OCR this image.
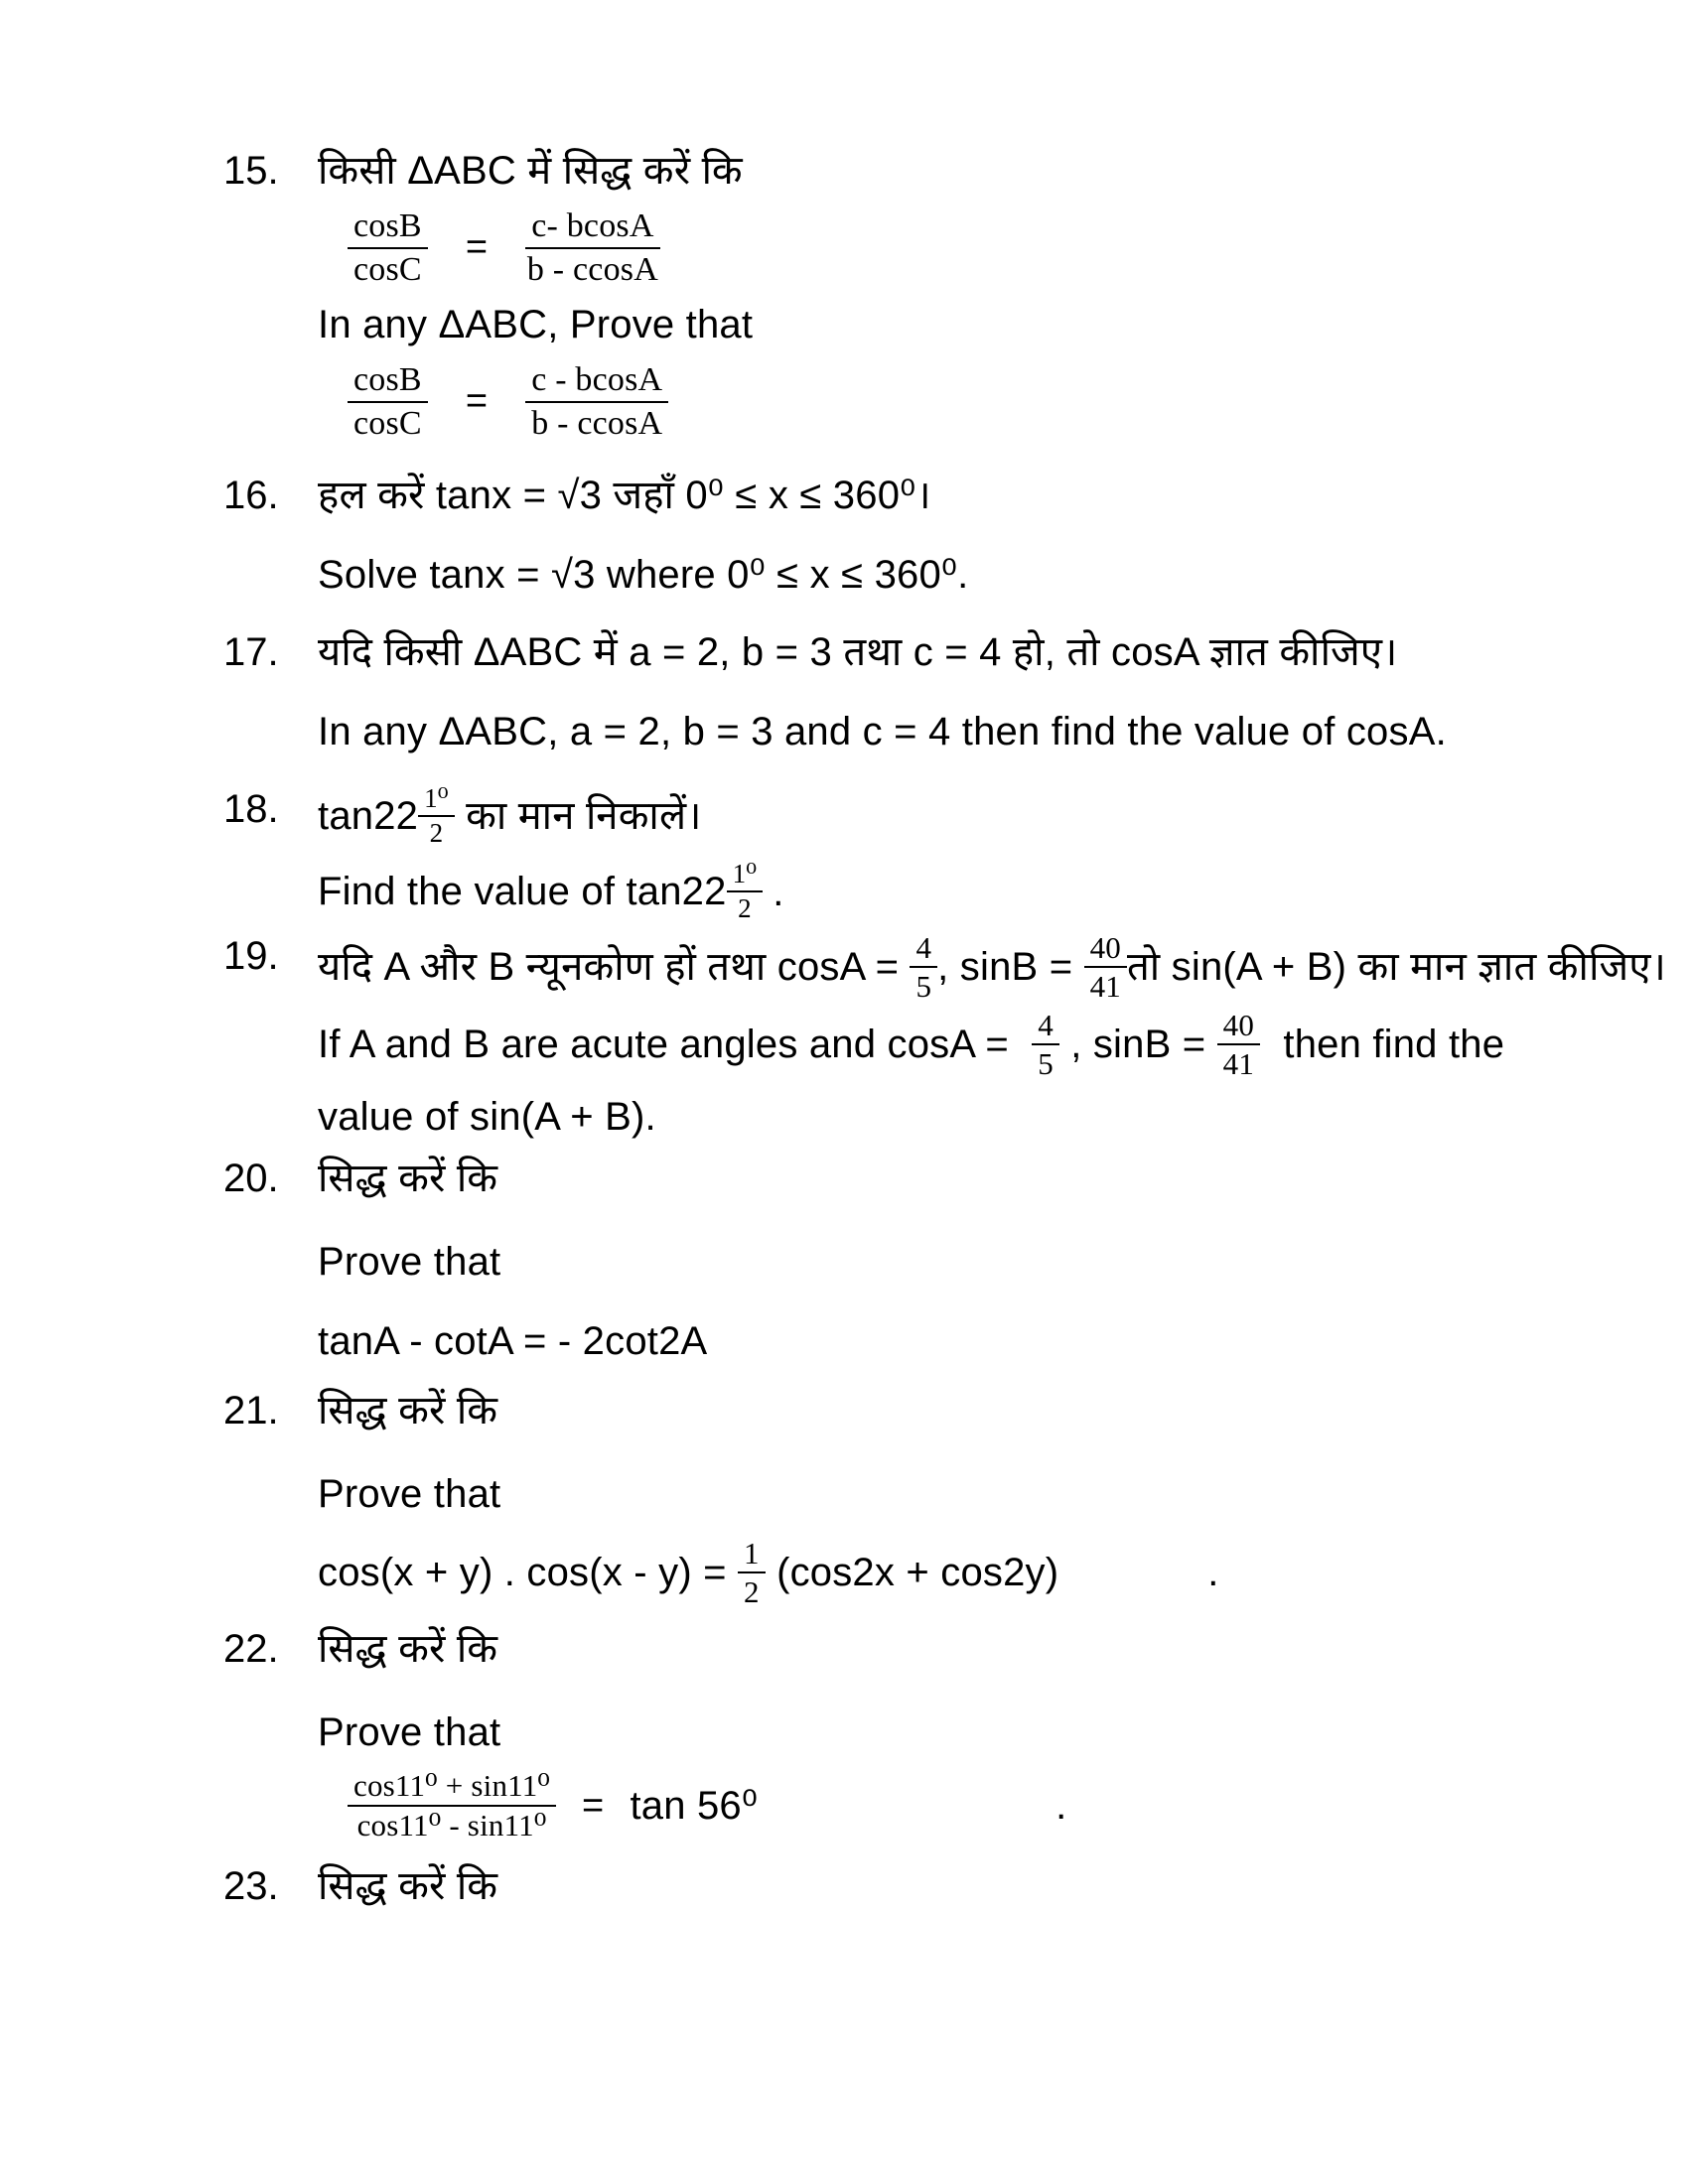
15. किसी ΔABC में सिद्ध करें कि
$\frac{\cos B}{\cos C} = \frac{c- bcosA}{b - ccosA}$
In any ΔABC, Prove that
$\frac{\cos B}{\cos C} = \frac{c - bcosA}{b - ccosA}$
16. हल करें tanx = √3 जहाँ 0⁰ ≤ x ≤ 360⁰।
Solve tanx = √3 where 0⁰ ≤ x ≤ 360⁰.
17. यदि किसी ΔABC में a = 2, b = 3 तथा c = 4 हो, तो cosA ज्ञात कीजिए।
In any ΔABC, a = 2, b = 3 and c = 4 then find the value of cosA.
18. $\tan 22 \frac{\text{1⁰}}{2}$ का मान निकालें।
Find the value of $\tan 22 \frac{\text{1⁰}}{2}$ .
19. यदि A और B न्यूनकोण हों तथा $\cos A = \frac{4}{5}$ , $\sin B = \frac{40}{41}$ तो sin(A + B) का मान ज्ञात कीजिए।
If A and B are acute angles and $\cos A = \frac{4}{5}$ , $\sin B = \frac{40}{41}$ then find the
value of sin(A + B).
20. सिद्ध करें कि
Prove that
tanA - cotA = - 2cot2A
21. सिद्ध करें कि
Prove that
cos(x + y) . $\cos(x - y) = \frac{1}{2} (\cos 2x + \cos 2y)$	.
22. सिद्ध करें कि
Prove that
$\frac{\text{cos11⁰ + sin11⁰}}{\text{cos11⁰ - sin11⁰}} = \tan 56^0$	.
23. सिद्ध करें कि
